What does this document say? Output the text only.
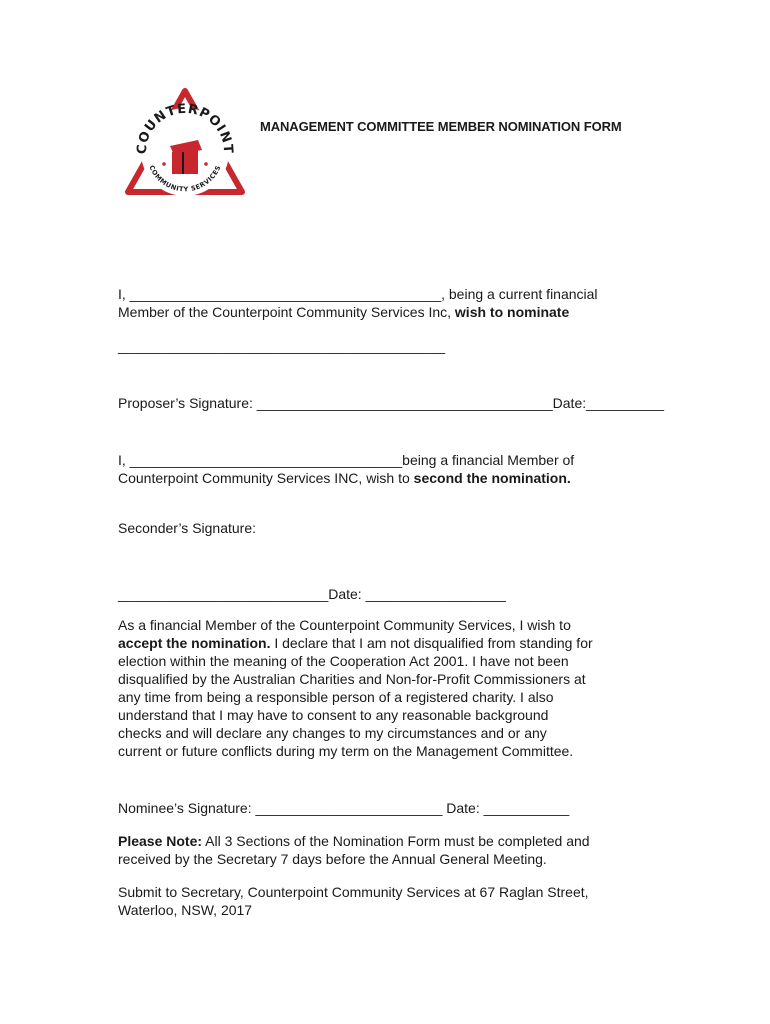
COUNTERPOINT
COMMUNITY SERVICES
MANAGEMENT COMMITTEE MEMBER NOMINATION FORM
I, ________________________________________, being a current financial
Member of the Counterpoint Community Services Inc, wish to nominate
__________________________________________
Proposer’s Signature: ______________________________________Date:__________
I, ___________________________________being a financial Member of
Counterpoint Community Services INC, wish to second the nomination.
Seconder’s Signature:
___________________________Date: __________________
As a financial Member of the Counterpoint Community Services, I wish to
accept the nomination. I declare that I am not disqualified from standing for
election within the meaning of the Cooperation Act 2001. I have not been
disqualified by the Australian Charities and Non-for-Profit Commissioners at
any time from being a responsible person of a registered charity. I also
understand that I may have to consent to any reasonable background
checks and will declare any changes to my circumstances and or any
current or future conflicts during my term on the Management Committee.
Nominee’s Signature: ________________________ Date: ___________
Please Note: All 3 Sections of the Nomination Form must be completed and
received by the Secretary 7 days before the Annual General Meeting.
Submit to Secretary, Counterpoint Community Services at 67 Raglan Street,
Waterloo, NSW, 2017
